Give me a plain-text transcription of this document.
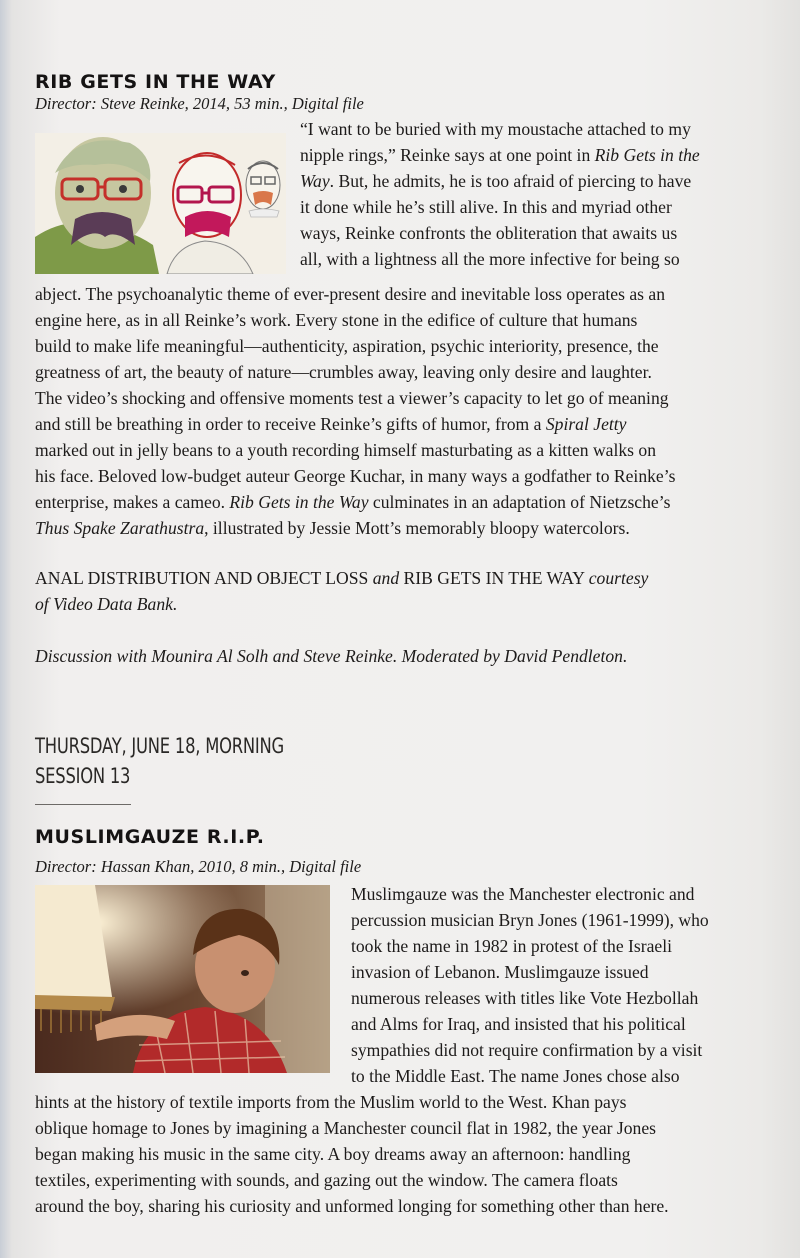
RIB GETS IN THE WAY
Director: Steve Reinke, 2014, 53 min., Digital file
“I want to be buried with my moustache attached to my
nipple rings,” Reinke says at one point in Rib Gets in the
Way. But, he admits, he is too afraid of piercing to have
it done while he’s still alive. In this and myriad other
ways, Reinke confronts the obliteration that awaits us
all, with a lightness all the more infective for being so
abject. The psychoanalytic theme of ever-present desire and inevitable loss operates as an
engine here, as in all Reinke’s work. Every stone in the edifice of culture that humans
build to make life meaningful—authenticity, aspiration, psychic interiority, presence, the
greatness of art, the beauty of nature—crumbles away, leaving only desire and laughter.
The video’s shocking and offensive moments test a viewer’s capacity to let go of meaning
and still be breathing in order to receive Reinke’s gifts of humor, from a Spiral Jetty
marked out in jelly beans to a youth recording himself masturbating as a kitten walks on
his face. Beloved low-budget auteur George Kuchar, in many ways a godfather to Reinke’s
enterprise, makes a cameo. Rib Gets in the Way culminates in an adaptation of Nietzsche’s
Thus Spake Zarathustra, illustrated by Jessie Mott’s memorably bloopy watercolors.
ANAL DISTRIBUTION AND OBJECT LOSS and RIB GETS IN THE WAY courtesy
of Video Data Bank.
Discussion with Mounira Al Solh and Steve Reinke. Moderated by David Pendleton.
THURSDAY, JUNE 18, MORNING
SESSION 13
MUSLIMGAUZE R.I.P.
Director: Hassan Khan, 2010, 8 min., Digital file
Muslimgauze was the Manchester electronic and
percussion musician Bryn Jones (1961-1999), who
took the name in 1982 in protest of the Israeli
invasion of Lebanon. Muslimgauze issued
numerous releases with titles like Vote Hezbollah
and Alms for Iraq, and insisted that his political
sympathies did not require confirmation by a visit
to the Middle East. The name Jones chose also
hints at the history of textile imports from the Muslim world to the West. Khan pays
oblique homage to Jones by imagining a Manchester council flat in 1982, the year Jones
began making his music in the same city. A boy dreams away an afternoon: handling
textiles, experimenting with sounds, and gazing out the window. The camera floats
around the boy, sharing his curiosity and unformed longing for something other than here.
